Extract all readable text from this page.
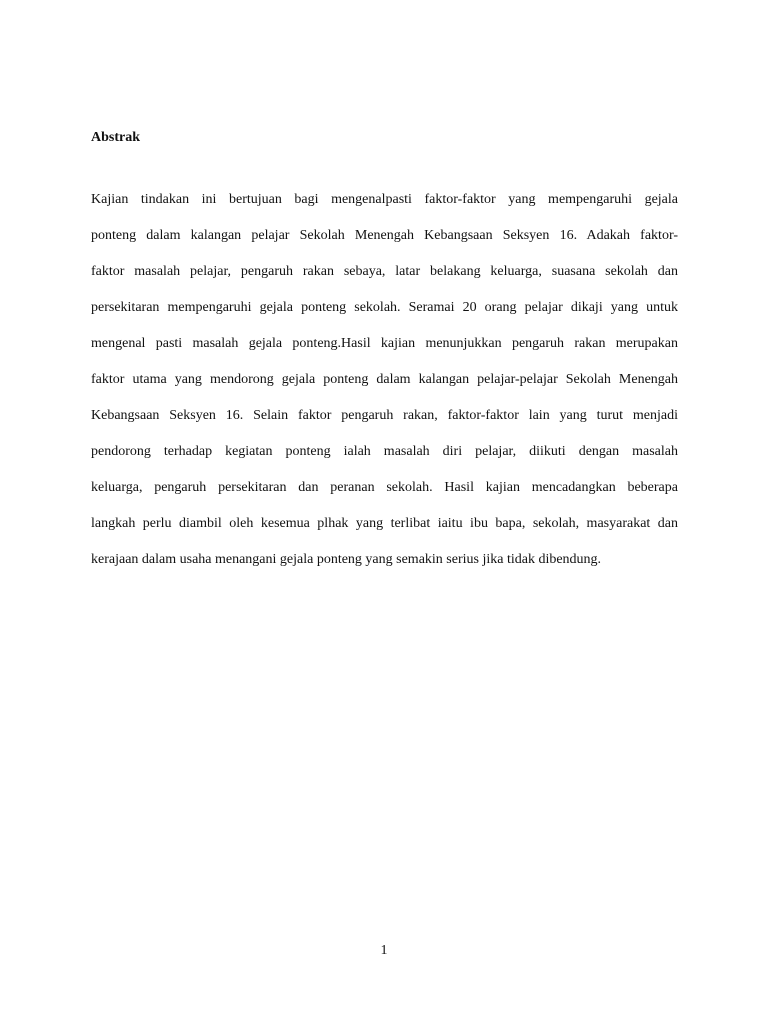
Abstrak
Kajian tindakan ini bertujuan bagi mengenalpasti faktor-faktor yang mempengaruhi gejala
ponteng dalam kalangan pelajar Sekolah Menengah Kebangsaan Seksyen 16. Adakah faktor-
faktor masalah pelajar, pengaruh rakan sebaya, latar belakang keluarga, suasana sekolah dan
persekitaran mempengaruhi gejala ponteng sekolah. Seramai 20 orang pelajar dikaji yang untuk
mengenal pasti masalah gejala ponteng.Hasil kajian menunjukkan pengaruh rakan merupakan
faktor utama yang mendorong gejala ponteng dalam kalangan pelajar-pelajar Sekolah Menengah
Kebangsaan Seksyen 16. Selain faktor pengaruh rakan, faktor-faktor lain yang turut menjadi
pendorong terhadap kegiatan ponteng ialah masalah diri pelajar, diikuti dengan masalah
keluarga, pengaruh persekitaran dan peranan sekolah. Hasil kajian mencadangkan beberapa
langkah perlu diambil oleh kesemua plhak yang terlibat iaitu ibu bapa, sekolah, masyarakat dan
kerajaan dalam usaha menangani gejala ponteng yang semakin serius jika tidak dibendung.
1
